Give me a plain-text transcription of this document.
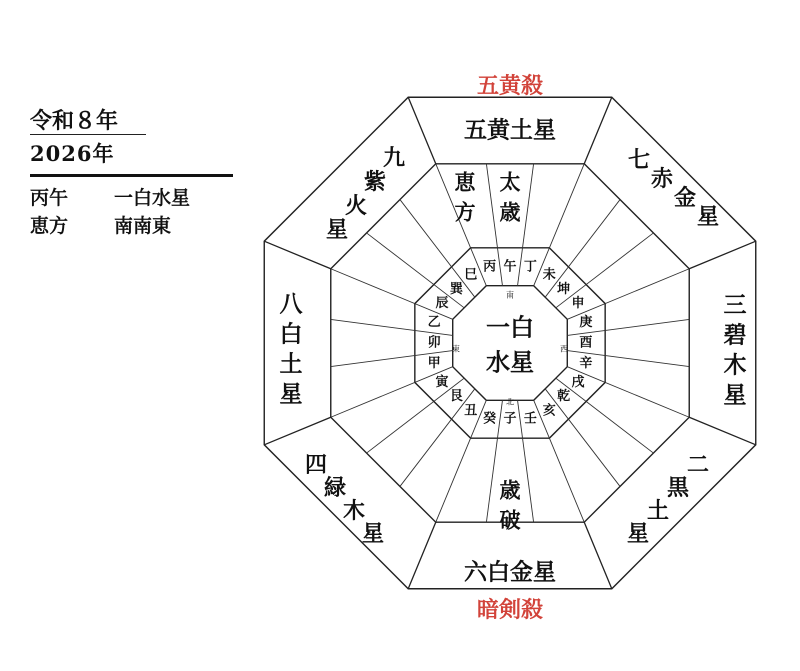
令和８年
2026年
丙午 一白水星
恵方 南南東
五黄土星
六白金星
三
碧
木
星
八
白
土
星
七
赤
金
星
二
黒
土
星
四
緑
木
星
九
紫
火
星
五黄殺
暗剣殺
恵
方
太
歳
歳
破
一白
水星
南
北
東	西
丙 午 丁
未
坤
申
庚
酉
辛
戌
乾
亥
壬
子
癸
丑
艮
寅
甲
卯
乙
辰
巽
巳
